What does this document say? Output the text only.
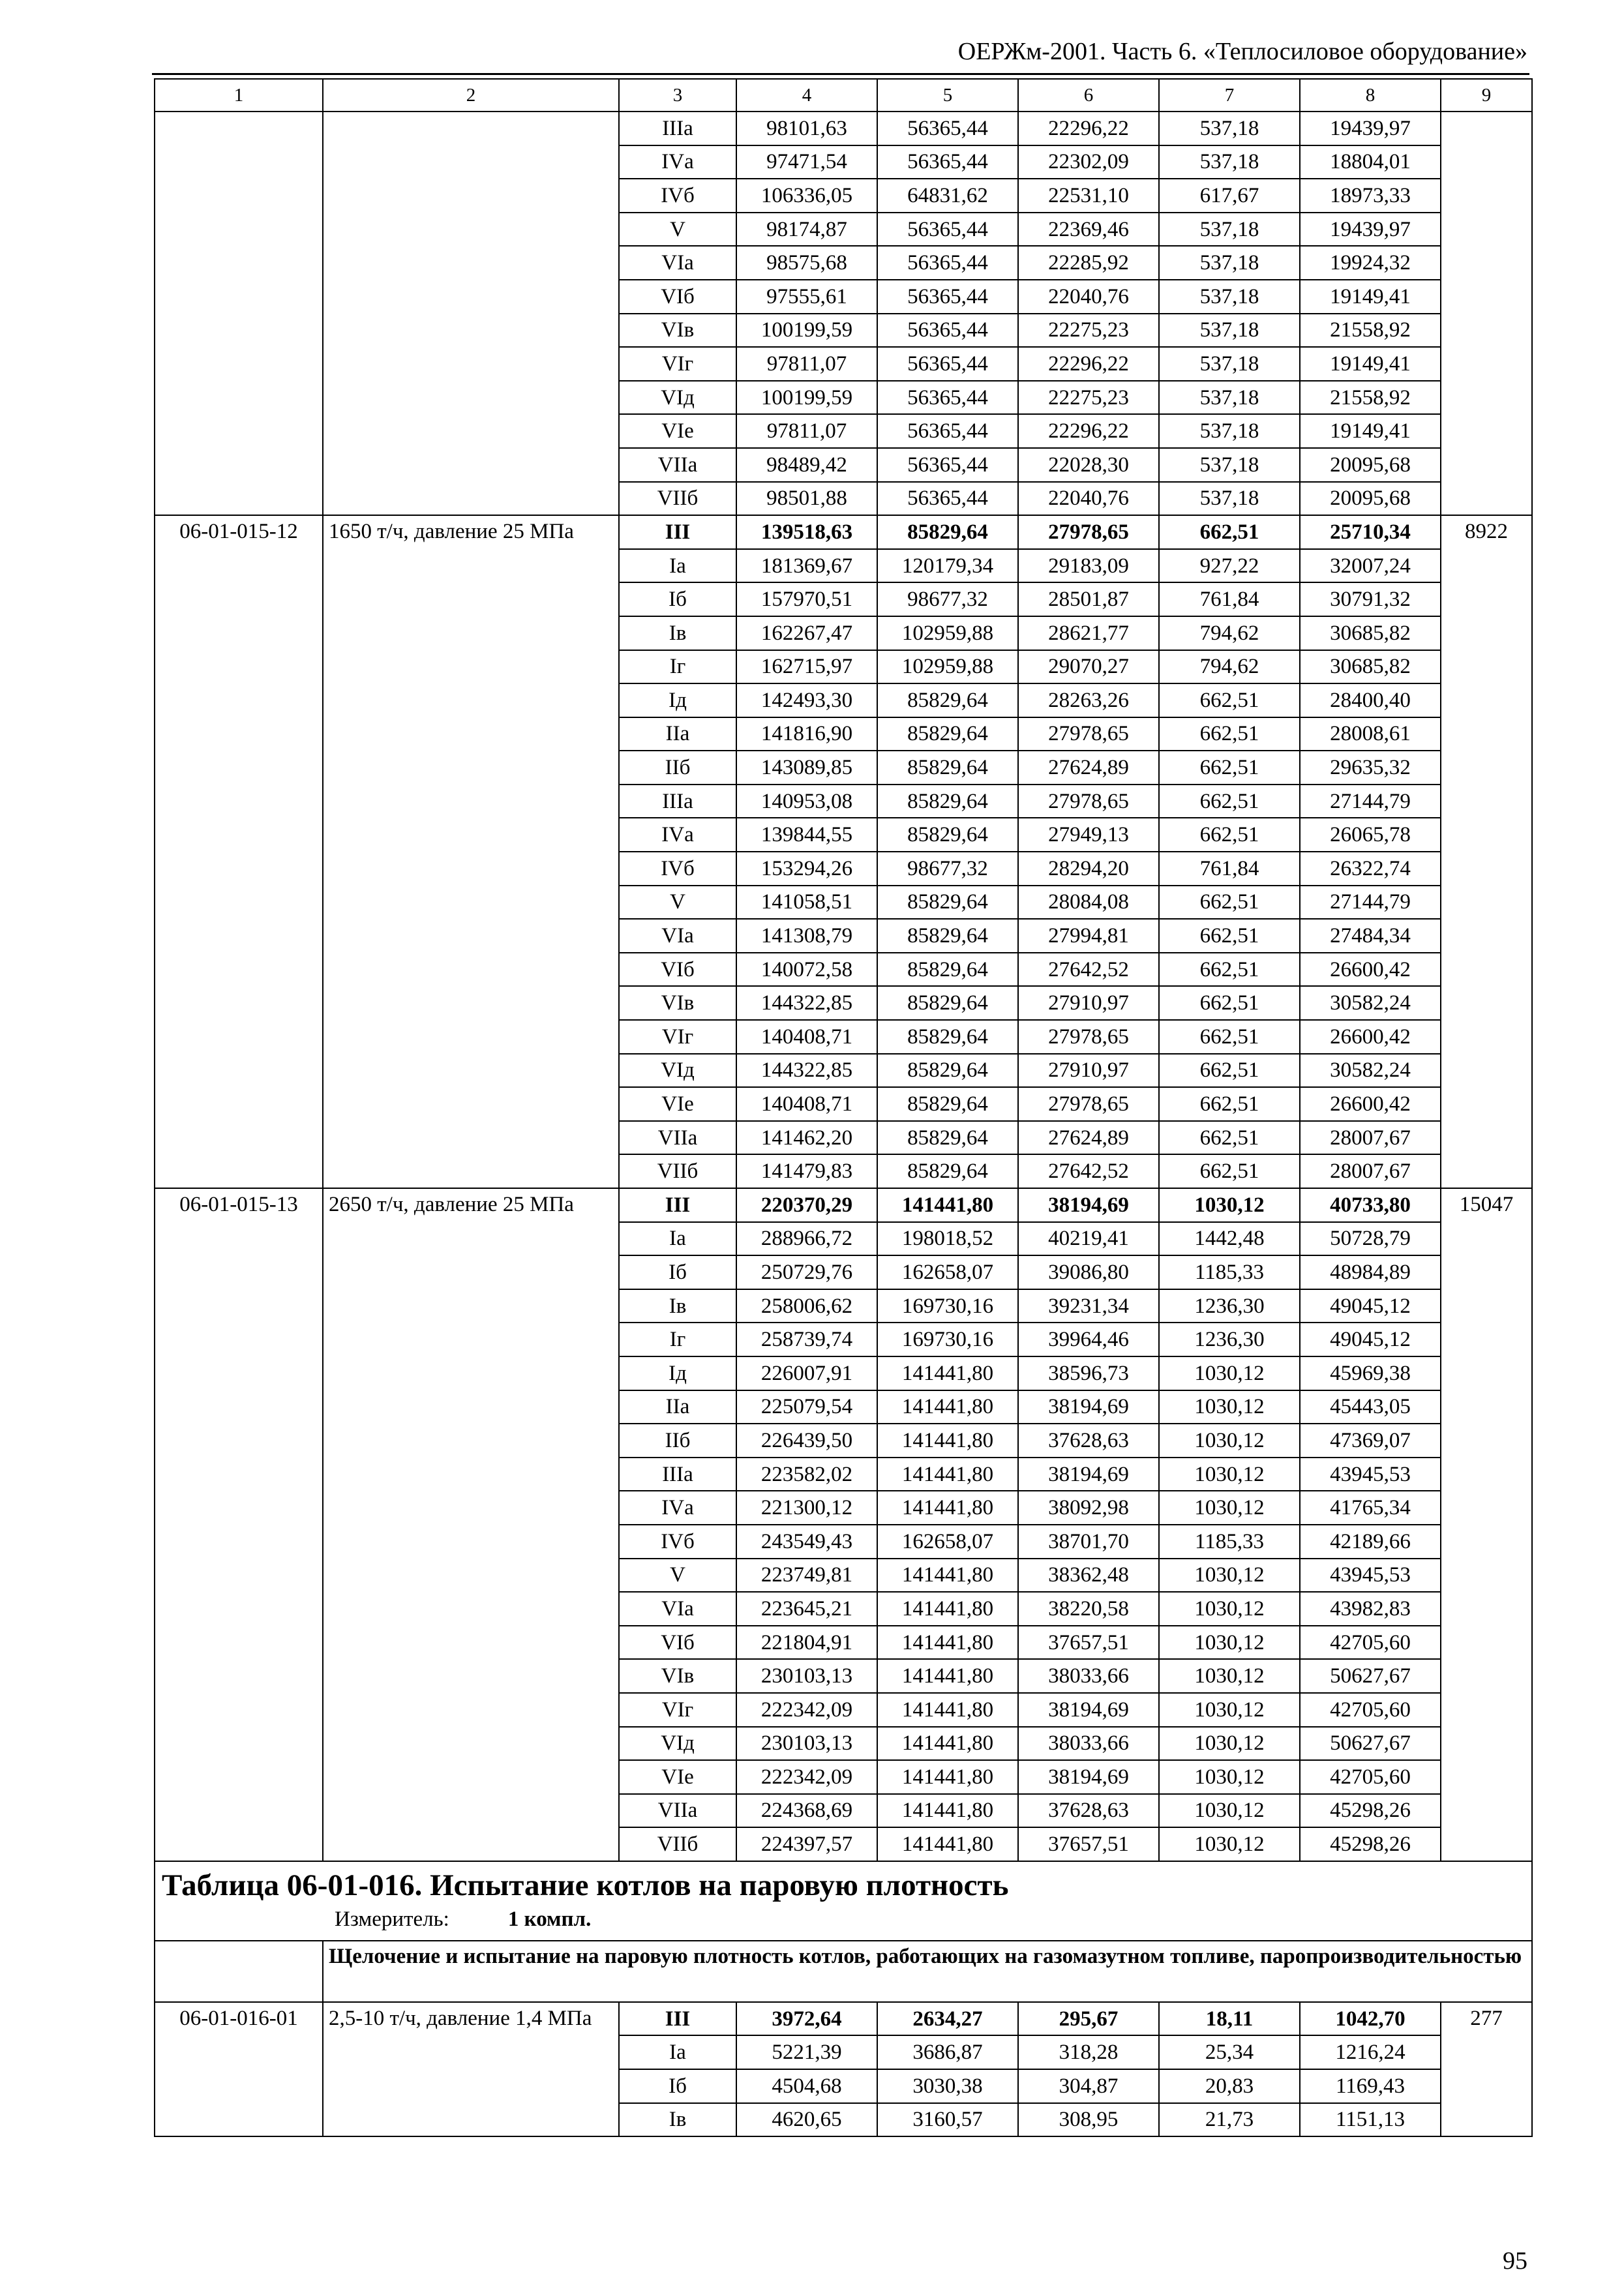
ОЕРЖм-2001. Часть 6. «Теплосиловое оборудование»
1	2	3	4	5	6	7	8	9
		IIIа	98101,63	56365,44	22296,22	537,18	19439,97	
		IVа	97471,54	56365,44	22302,09	537,18	18804,01	
		IVб	106336,05	64831,62	22531,10	617,67	18973,33	
		V	98174,87	56365,44	22369,46	537,18	19439,97	
		VIа	98575,68	56365,44	22285,92	537,18	19924,32	
		VIб	97555,61	56365,44	22040,76	537,18	19149,41	
		VIв	100199,59	56365,44	22275,23	537,18	21558,92	
		VIг	97811,07	56365,44	22296,22	537,18	19149,41	
		VIд	100199,59	56365,44	22275,23	537,18	21558,92	
		VIе	97811,07	56365,44	22296,22	537,18	19149,41	
		VIIа	98489,42	56365,44	22028,30	537,18	20095,68	
		VIIб	98501,88	56365,44	22040,76	537,18	20095,68	
06-01-015-12	1650 т/ч, давление 25 МПа	III	139518,63	85829,64	27978,65	662,51	25710,34	8922
		Iа	181369,67	120179,34	29183,09	927,22	32007,24	
		Iб	157970,51	98677,32	28501,87	761,84	30791,32	
		Iв	162267,47	102959,88	28621,77	794,62	30685,82	
		Iг	162715,97	102959,88	29070,27	794,62	30685,82	
		Iд	142493,30	85829,64	28263,26	662,51	28400,40	
		IIа	141816,90	85829,64	27978,65	662,51	28008,61	
		IIб	143089,85	85829,64	27624,89	662,51	29635,32	
		IIIа	140953,08	85829,64	27978,65	662,51	27144,79	
		IVа	139844,55	85829,64	27949,13	662,51	26065,78	
		IVб	153294,26	98677,32	28294,20	761,84	26322,74	
		V	141058,51	85829,64	28084,08	662,51	27144,79	
		VIа	141308,79	85829,64	27994,81	662,51	27484,34	
		VIб	140072,58	85829,64	27642,52	662,51	26600,42	
		VIв	144322,85	85829,64	27910,97	662,51	30582,24	
		VIг	140408,71	85829,64	27978,65	662,51	26600,42	
		VIд	144322,85	85829,64	27910,97	662,51	30582,24	
		VIе	140408,71	85829,64	27978,65	662,51	26600,42	
		VIIа	141462,20	85829,64	27624,89	662,51	28007,67	
		VIIб	141479,83	85829,64	27642,52	662,51	28007,67	
06-01-015-13	2650 т/ч, давление 25 МПа	III	220370,29	141441,80	38194,69	1030,12	40733,80	15047
		Iа	288966,72	198018,52	40219,41	1442,48	50728,79	
		Iб	250729,76	162658,07	39086,80	1185,33	48984,89	
		Iв	258006,62	169730,16	39231,34	1236,30	49045,12	
		Iг	258739,74	169730,16	39964,46	1236,30	49045,12	
		Iд	226007,91	141441,80	38596,73	1030,12	45969,38	
		IIа	225079,54	141441,80	38194,69	1030,12	45443,05	
		IIб	226439,50	141441,80	37628,63	1030,12	47369,07	
		IIIа	223582,02	141441,80	38194,69	1030,12	43945,53	
		IVа	221300,12	141441,80	38092,98	1030,12	41765,34	
		IVб	243549,43	162658,07	38701,70	1185,33	42189,66	
		V	223749,81	141441,80	38362,48	1030,12	43945,53	
		VIа	223645,21	141441,80	38220,58	1030,12	43982,83	
		VIб	221804,91	141441,80	37657,51	1030,12	42705,60	
		VIв	230103,13	141441,80	38033,66	1030,12	50627,67	
		VIг	222342,09	141441,80	38194,69	1030,12	42705,60	
		VIд	230103,13	141441,80	38033,66	1030,12	50627,67	
		VIе	222342,09	141441,80	38194,69	1030,12	42705,60	
		VIIа	224368,69	141441,80	37628,63	1030,12	45298,26	
		VIIб	224397,57	141441,80	37657,51	1030,12	45298,26	

Таблица 06-01-016. Испытание котлов на паровую плотность
Измеритель: 1 компл.								

	Щелочение и испытание на паровую плотность котлов, работающих на газомазутном топливе, паропроизводительностью							
06-01-016-01	2,5-10 т/ч, давление 1,4 МПа	III	3972,64	2634,27	295,67	18,11	1042,70	277
		Iа	5221,39	3686,87	318,28	25,34	1216,24	
		Iб	4504,68	3030,38	304,87	20,83	1169,43	
		Iв	4620,65	3160,57	308,95	21,73	1151,13	
95
